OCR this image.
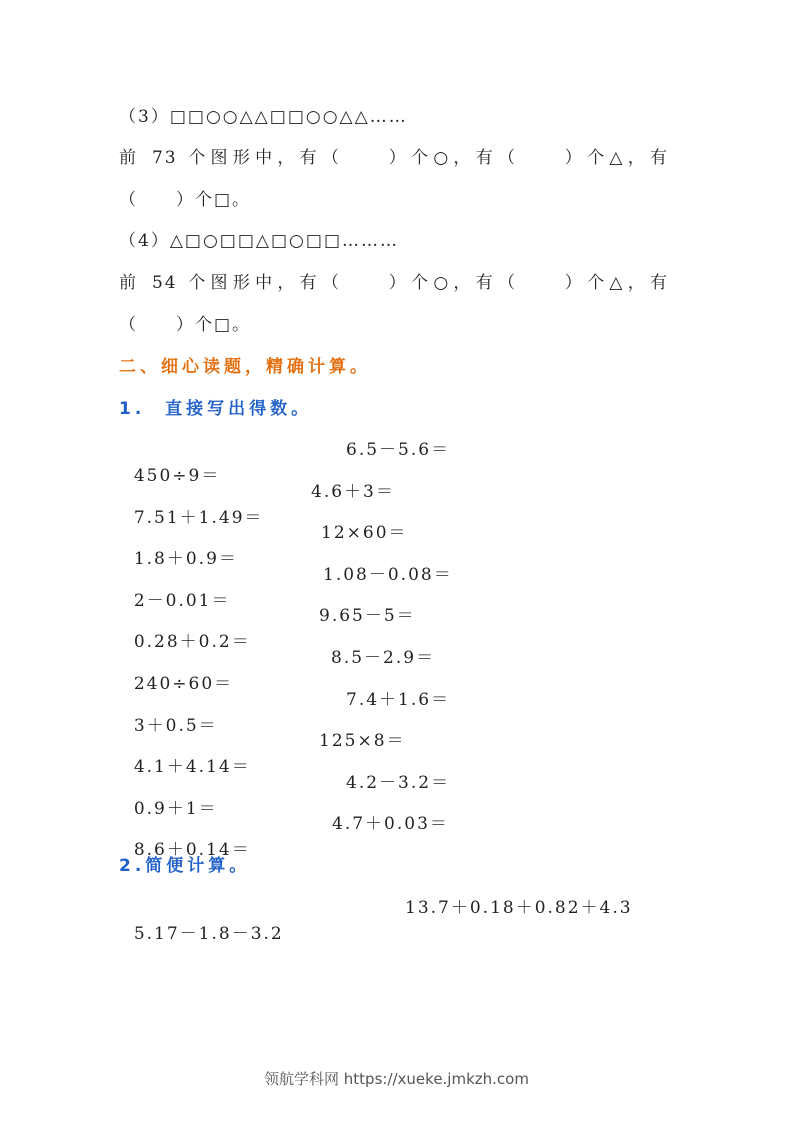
（3）□□○○△△□□○○△△……
前 73 个图形中，有（　　）个○，有（　　）个△，有
（　　）个□。
（4）△□○□□△□○□□………
前 54 个图形中，有（　　）个○，有（　　）个△，有
（　　）个□。
二、细心读题，精确计算。
1.  直接写出得数。

450÷9＝

6.5－5.6＝

7.51＋1.49＝

4.6＋3＝

1.8＋0.9＝

12×60＝

2－0.01＝

1.08－0.08＝

0.28＋0.2＝

9.65－5＝

240÷60＝

8.5－2.9＝

3＋0.5＝

7.4＋1.6＝

4.1＋4.14＝

125×8＝

0.9＋1＝

4.2－3.2＝

8.6＋0.14＝

4.7＋0.03＝

2.简便计算。

5.17－1.8－3.2

13.7＋0.18＋0.82＋4.3

领航学科网 https://xueke.jmkzh.com
